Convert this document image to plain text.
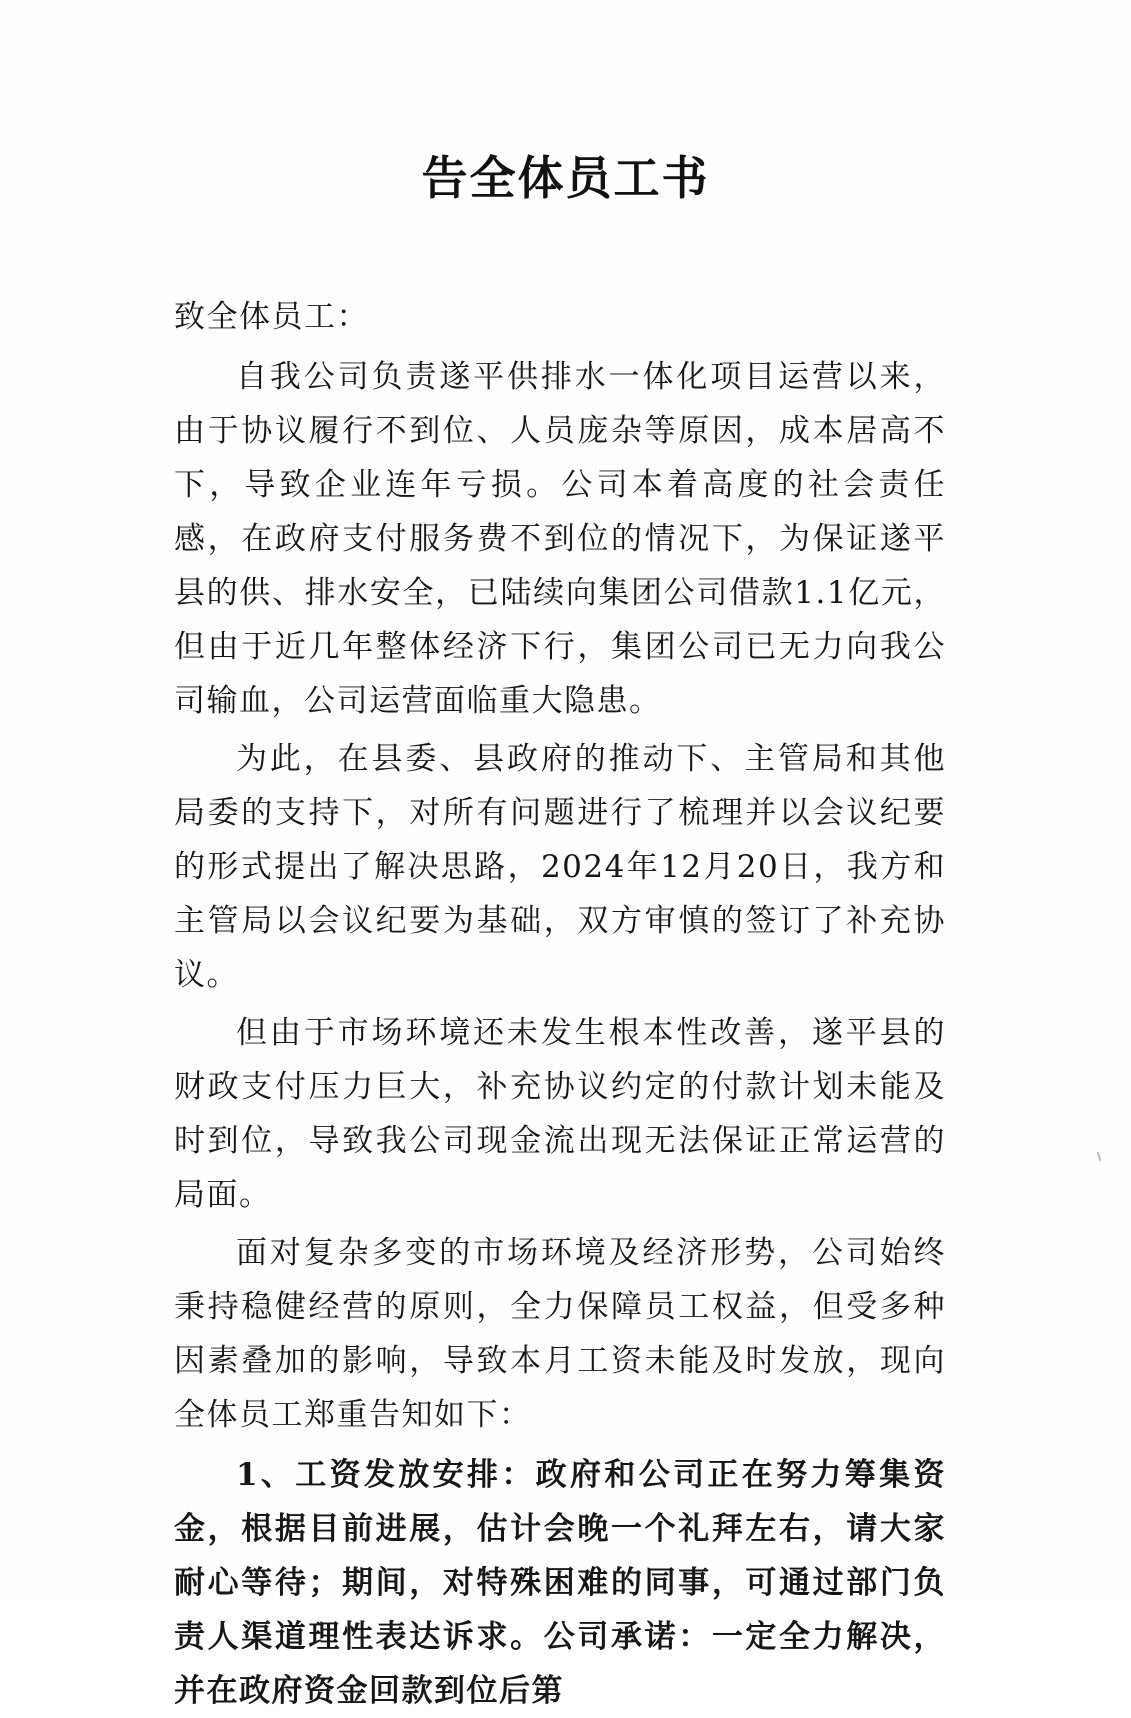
告全体员工书

致全体员工：

自我公司负责遂平供排水一体化项目运营以来，由于协议履行不到位、人员庞杂等原因，成本居高不下，导致企业连年亏损。公司本着高度的社会责任感，在政府支付服务费不到位的情况下，为保证遂平县的供、排水安全，已陆续向集团公司借款1.1亿元，但由于近几年整体经济下行，集团公司已无力向我公司输血，公司运营面临重大隐患。

为此，在县委、县政府的推动下、主管局和其他局委的支持下，对所有问题进行了梳理并以会议纪要的形式提出了解决思路，2024年12月20日，我方和主管局以会议纪要为基础，双方审慎的签订了补充协议。

但由于市场环境还未发生根本性改善，遂平县的财政支付压力巨大，补充协议约定的付款计划未能及时到位，导致我公司现金流出现无法保证正常运营的局面。

面对复杂多变的市场环境及经济形势，公司始终秉持稳健经营的原则，全力保障员工权益，但受多种因素叠加的影响，导致本月工资未能及时发放，现向全体员工郑重告知如下：

1、工资发放安排：政府和公司正在努力筹集资金，根据目前进展，估计会晚一个礼拜左右，请大家耐心等待；期间，对特殊困难的同事，可通过部门负责人渠道理性表达诉求。公司承诺：一定全力解决，并在政府资金回款到位后第
